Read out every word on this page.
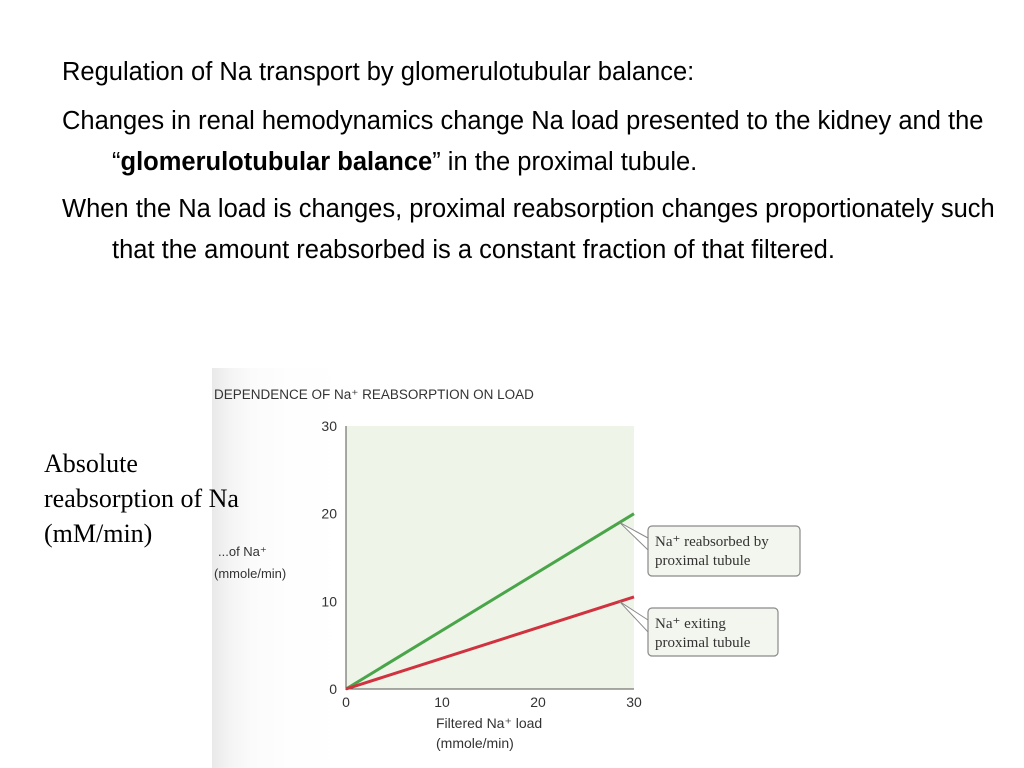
Regulation of Na transport by glomerulotubular balance:

Changes in renal hemodynamics change Na load presented to the kidney and the “glomerulotubular balance” in the proximal tubule.

When the Na load is changes, proximal reabsorption changes proportionately such that the amount reabsorbed is a constant fraction of that filtered.

DEPENDENCE OF Na⁺ REABSORPTION ON LOAD
0	10	20	30
0
10
20
30
Na⁺ reabsorbed by
proximal tubule
Na⁺ exiting
proximal tubule
...of Na⁺
(mmole/min)
Filtered Na⁺ load
(mmole/min)
Absolute reabsorption of Na (mM/min)
